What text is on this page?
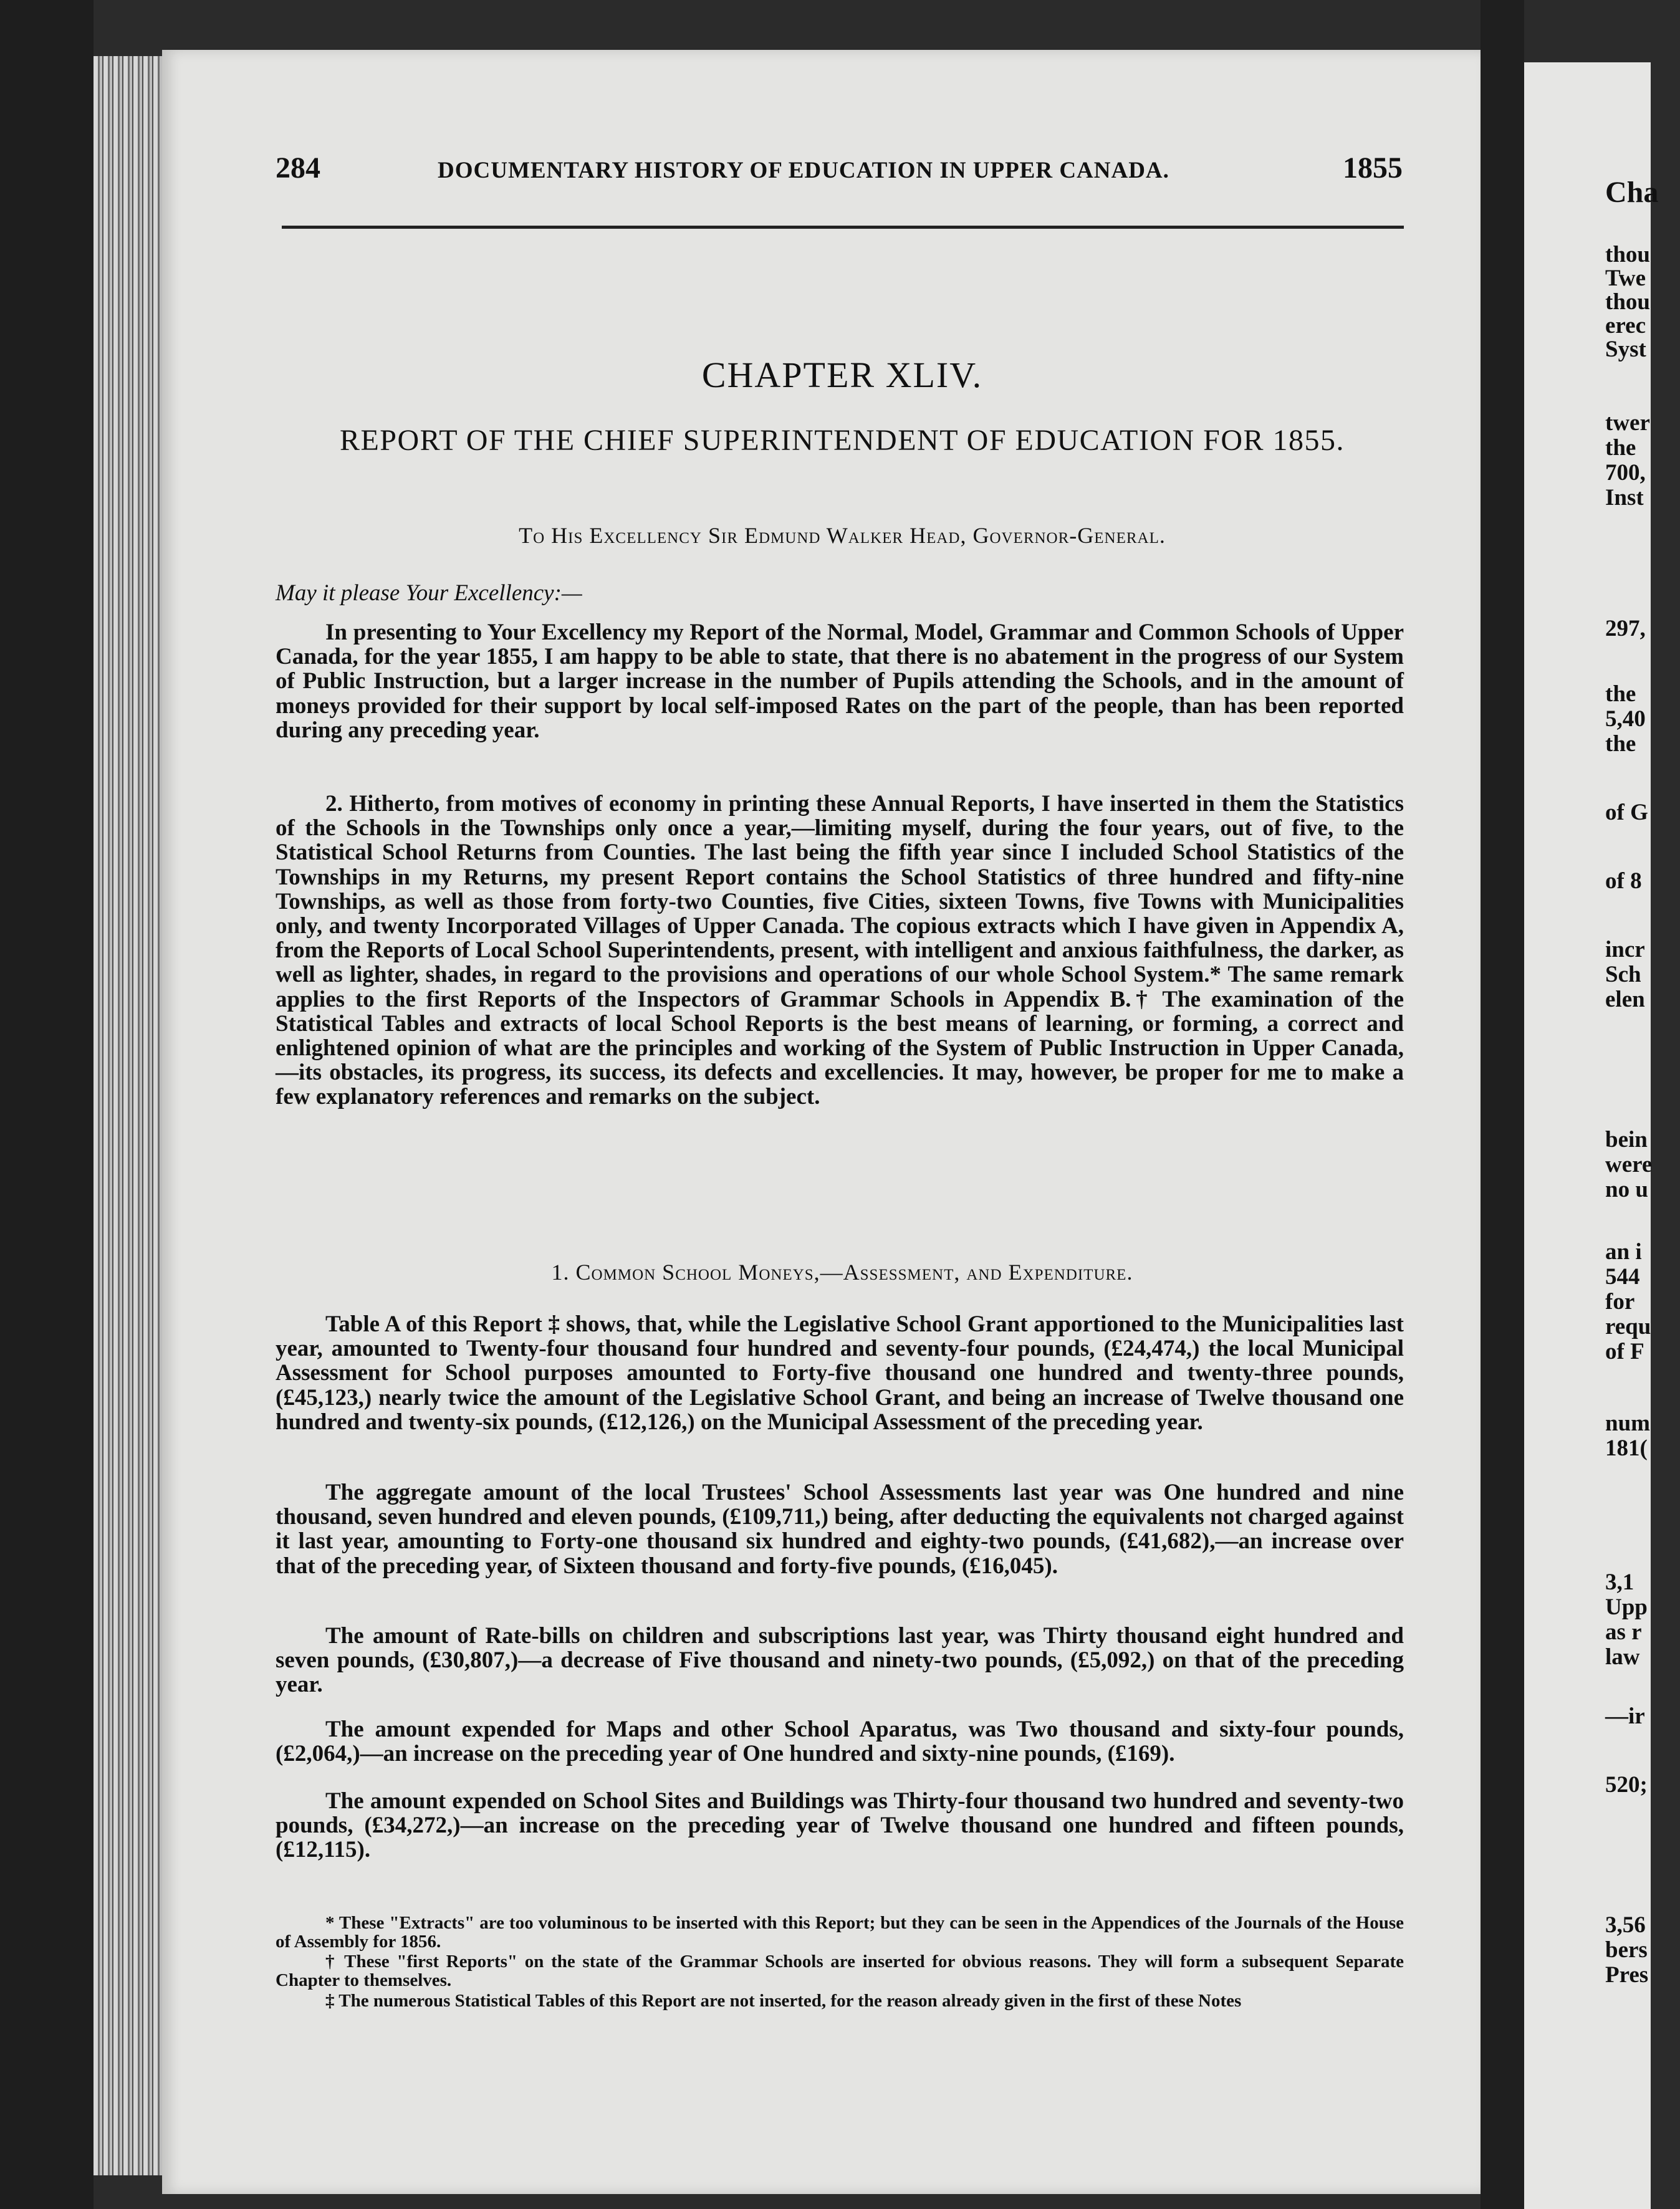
284	DOCUMENTARY HISTORY OF EDUCATION IN UPPER CANADA.	1855
CHAPTER XLIV.
REPORT OF THE CHIEF SUPERINTENDENT OF EDUCATION FOR 1855.
To His Excellency Sir Edmund Walker Head, Governor-General.
May it please Your Excellency:—

In presenting to Your Excellency my Report of the Normal, Model, Grammar and Common Schools of Upper Canada, for the year 1855, I am happy to be able to state, that there is no abatement in the progress of our System of Public Instruction, but a larger increase in the number of Pupils attending the Schools, and in the amount of moneys provided for their support by local self-imposed Rates on the part of the people, than has been reported during any preceding year.

2. Hitherto, from motives of economy in printing these Annual Reports, I have inserted in them the Statistics of the Schools in the Townships only once a year,—limiting myself, during the four years, out of five, to the Statistical School Returns from Counties. The last being the fifth year since I included School Statistics of the Townships in my Returns, my present Report contains the School Statistics of three hundred and fifty-nine Townships, as well as those from forty-two Counties, five Cities, sixteen Towns, five Towns with Municipalities only, and twenty Incorporated Villages of Upper Canada. The copious extracts which I have given in Appendix A, from the Reports of Local School Superintendents, present, with intelligent and anxious faithfulness, the darker, as well as lighter, shades, in regard to the provisions and operations of our whole School System.* The same remark applies to the first Reports of the Inspectors of Grammar Schools in Appendix B.† The examination of the Statistical Tables and extracts of local School Reports is the best means of learning, or forming, a correct and enlightened opinion of what are the principles and working of the System of Public Instruction in Upper Canada,—its obstacles, its progress, its success, its defects and excellencies. It may, however, be proper for me to make a few explanatory references and remarks on the subject.

1. Common School Moneys,—Assessment, and Expenditure.

Table A of this Report ‡ shows, that, while the Legislative School Grant apportioned to the Municipalities last year, amounted to Twenty-four thousand four hundred and seventy-four pounds, (£24,474,) the local Municipal Assessment for School purposes amounted to Forty-five thousand one hundred and twenty-three pounds, (£45,123,) nearly twice the amount of the Legislative School Grant, and being an increase of Twelve thousand one hundred and twenty-six pounds, (£12,126,) on the Municipal Assessment of the preceding year.

The aggregate amount of the local Trustees' School Assessments last year was One hundred and nine thousand, seven hundred and eleven pounds, (£109,711,) being, after deducting the equivalents not charged against it last year, amounting to Forty-one thousand six hundred and eighty-two pounds, (£41,682),—an increase over that of the preceding year, of Sixteen thousand and forty-five pounds, (£16,045).

The amount of Rate-bills on children and subscriptions last year, was Thirty thousand eight hundred and seven pounds, (£30,807,)—a decrease of Five thousand and ninety-two pounds, (£5,092,) on that of the preceding year.

The amount expended for Maps and other School Aparatus, was Two thousand and sixty-four pounds, (£2,064,)—an increase on the preceding year of One hundred and sixty-nine pounds, (£169).

The amount expended on School Sites and Buildings was Thirty-four thousand two hundred and seventy-two pounds, (£34,272,)—an increase on the preceding year of Twelve thousand one hundred and fifteen pounds, (£12,115).

* These "Extracts" are too voluminous to be inserted with this Report; but they can be seen in the Appendices of the Journals of the House of Assembly for 1856.

† These "first Reports" on the state of the Grammar Schools are inserted for obvious reasons. They will form a subsequent Separate Chapter to themselves.

‡ The numerous Statistical Tables of this Report are not inserted, for the reason already given in the first of these Notes

Cha
thou
Twe
thou
erec
Syst
twer
the
700,
Inst
297,
the
5,40
the
of G
of 8
incr
Sch
elen
bein
were
no u
an i
544
for
requ
of F
num
181(
3,1
Upp
as r
law
—ir
520;
3,56
bers
Pres
